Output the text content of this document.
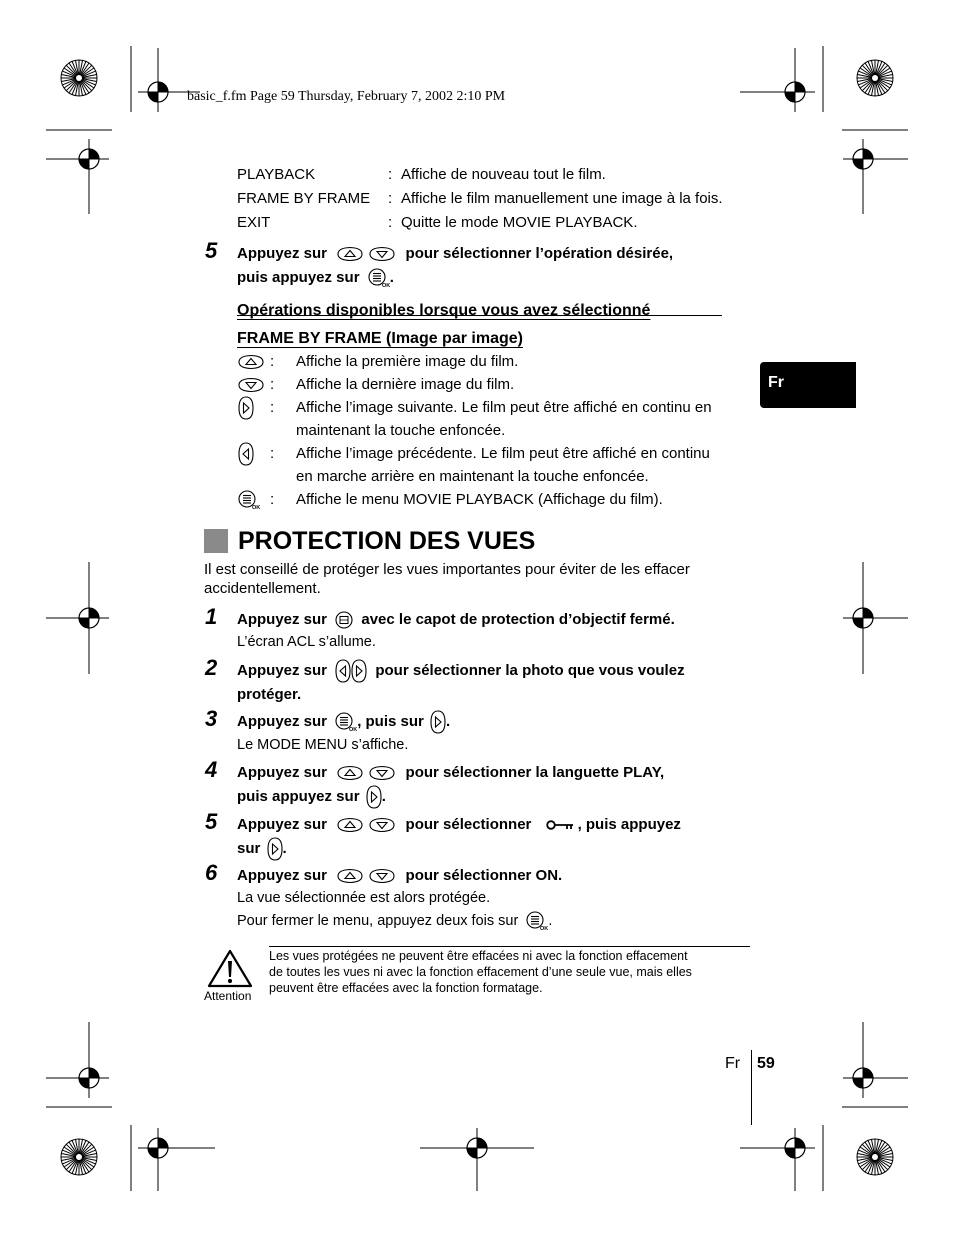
basic_f.fm Page 59 Thursday, February 7, 2002 2:10 PM
PLAYBACK	: Affiche de nouveau tout le film.
FRAME BY FRAME	: Affiche le film manuellement une image à la fois.
EXIT	: Quitte le mode MOVIE PLAYBACK.
5 Appuyez sur	pour sélectionner l’opération désirée,
puis appuyez sur .
Opérations disponibles lorsque vous avez sélectionné
FRAME BY FRAME (Image par image)
:	Affiche la première image du film.
:	Affiche la dernière image du film.
:	Affiche l’image suivante. Le film peut être affiché en continu en
maintenant la touche enfoncée.
:	Affiche l’image précédente. Le film peut être affiché en continu
en marche arrière en maintenant la touche enfoncée.
:	Affiche le menu MOVIE PLAYBACK (Affichage du film).
Fr
PROTECTION DES VUES
Il est conseillé de protéger les vues importantes pour éviter de les effacer
accidentellement.
1 Appuyez sur avec le capot de protection d’objectif fermé.
L’écran ACL s’allume.
2 Appuyez sur	pour sélectionner la photo que vous voulez
protéger.
3 Appuyez sur , puis sur .
Le MODE MENU s’affiche.
4 Appuyez sur	pour sélectionner la languette PLAY,
puis appuyez sur .
5 Appuyez sur	pour sélectionner	, puis appuyez
sur .
6 Appuyez sur	pour sélectionner ON.
La vue sélectionnée est alors protégée.
Pour fermer le menu, appuyez deux fois sur .
Attention
Les vues protégées ne peuvent être effacées ni avec la fonction effacement
de toutes les vues ni avec la fonction effacement d’une seule vue, mais elles
peuvent être effacées avec la fonction formatage.
Fr 59
